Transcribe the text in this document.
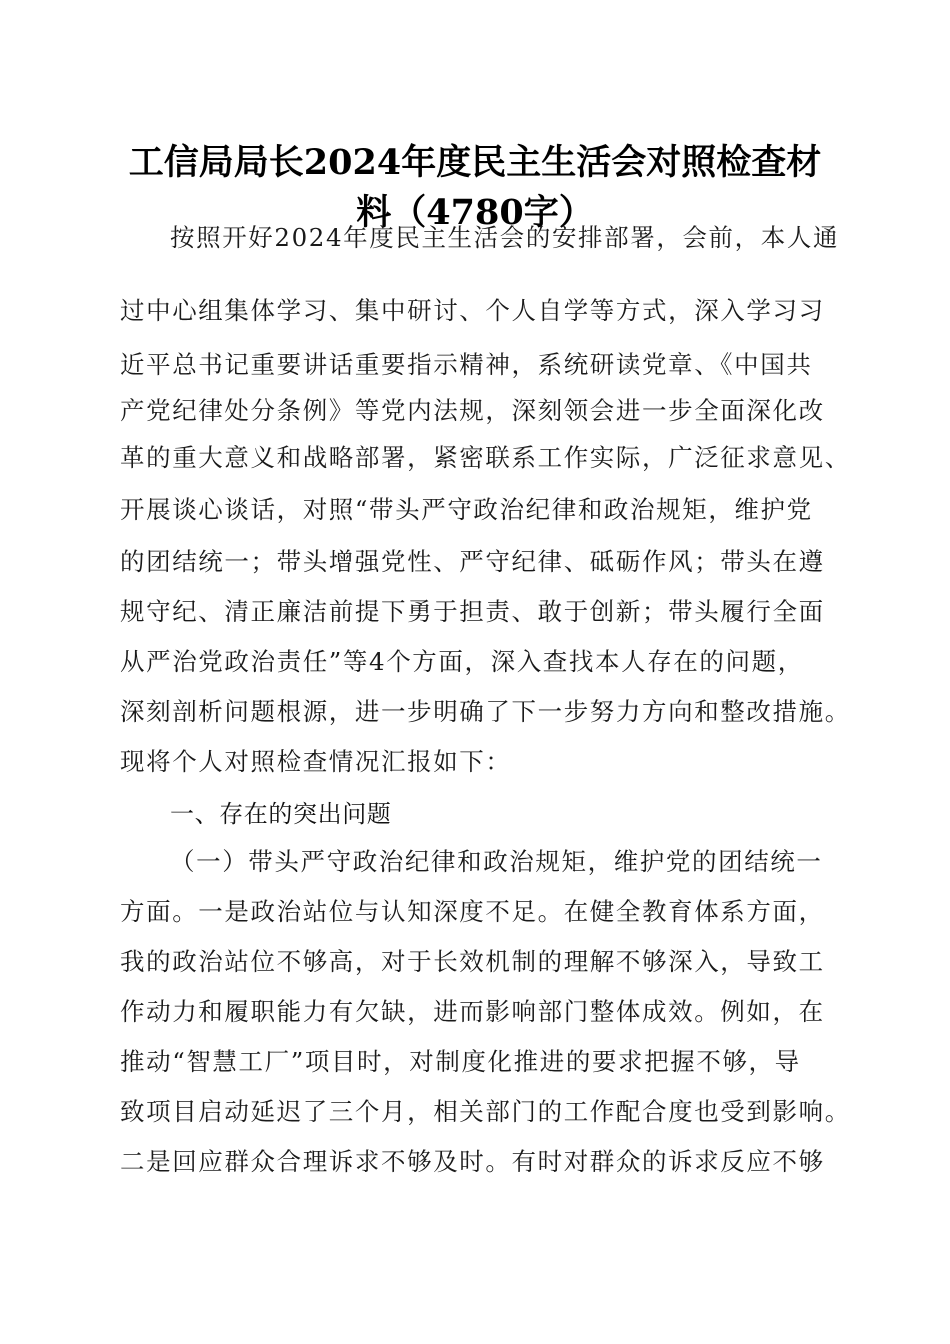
工信局局长2024年度民主生活会对照检查材
料（4780字）

按照开好2024年度民主生活会的安排部署，会前，本人通

过中心组集体学习、集中研讨、个人自学等方式，深入学习习

近平总书记重要讲话重要指示精神，系统研读党章、《中国共

产党纪律处分条例》等党内法规，深刻领会进一步全面深化改

革的重大意义和战略部署，紧密联系工作实际，广泛征求意见、

开展谈心谈话，对照“带头严守政治纪律和政治规矩，维护党

的团结统一；带头增强党性、严守纪律、砥砺作风；带头在遵

规守纪、清正廉洁前提下勇于担责、敢于创新；带头履行全面

从严治党政治责任”等4个方面，深入查找本人存在的问题，

深刻剖析问题根源，进一步明确了下一步努力方向和整改措施。

现将个人对照检查情况汇报如下：

一、存在的突出问题

（一）带头严守政治纪律和政治规矩，维护党的团结统一

方面。一是政治站位与认知深度不足。在健全教育体系方面，

我的政治站位不够高，对于长效机制的理解不够深入，导致工

作动力和履职能力有欠缺，进而影响部门整体成效。例如，在

推动“智慧工厂”项目时，对制度化推进的要求把握不够，导

致项目启动延迟了三个月，相关部门的工作配合度也受到影响。

二是回应群众合理诉求不够及时。有时对群众的诉求反应不够
